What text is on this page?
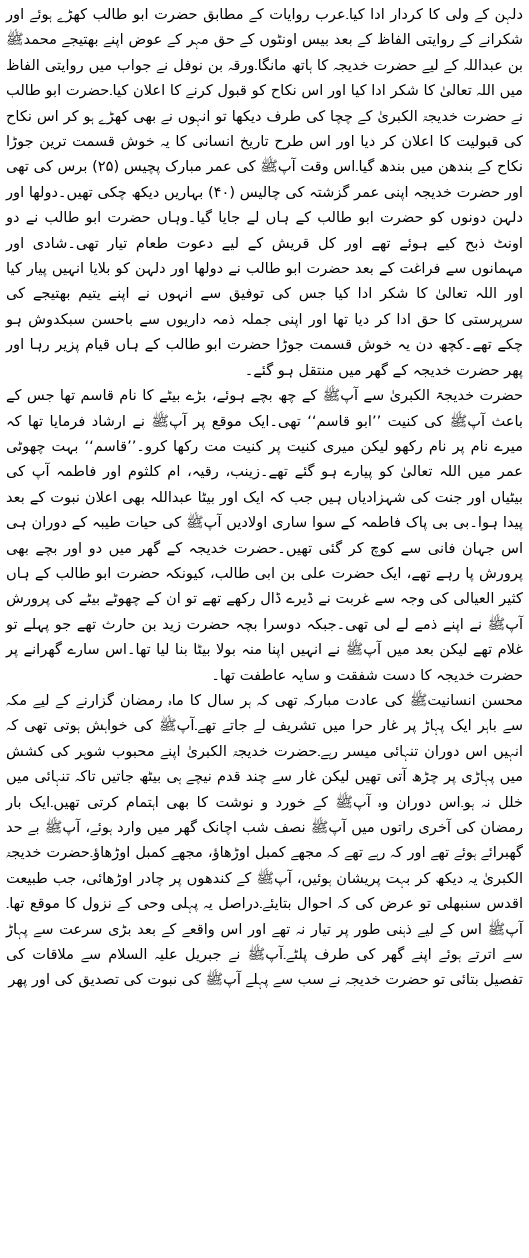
دلہن کے ولی کا کردار ادا کیا۔عرب روایات کے مطابق حضرت ابو طالب کھڑے ہوئے اور شکرانے کے روایتی الفاظ کے بعد بیس اونٹوں کے حق مہر کے عوض اپنے بھتیجے محمدﷺ بن عبداللہ کے لیے حضرت خدیجہ کا ہاتھ مانگا۔ورقہ بن نوفل نے جواب میں روایتی الفاظ میں اللہ تعالیٰ کا شکر ادا کیا اور اس نکاح کو قبول کرنے کا اعلان کیا۔حضرت ابو طالب نے حضرت خدیجۃ الکبریٰ کے چچا کی طرف دیکھا تو انہوں نے بھی کھڑے ہو کر اس نکاح کی قبولیت کا اعلان کر دیا اور اس طرح تاریخ انسانی کا یہ خوش قسمت ترین جوڑا نکاح کے بندھن میں بندھ گیا۔اس وقت آپﷺ کی عمر مبارک پچیس (۲۵) برس کی تھی اور حضرت خدیجہ اپنی عمر گزشتہ کی چالیس (۴۰) بہاریں دیکھ چکی تھیں۔دولھا اور دلہن دونوں کو حضرت ابو طالب کے ہاں لے جایا گیا۔وہاں حضرت ابو طالب نے دو اونٹ ذبح کیے ہوئے تھے اور کل قریش کے لیے دعوت طعام تیار تھی۔شادی اور مہمانوں سے فراغت کے بعد حضرت ابو طالب نے دولھا اور دلہن کو بلایا انہیں پیار کیا اور اللہ تعالیٰ کا شکر ادا کیا جس کی توفیق سے انہوں نے اپنے یتیم بھتیجے کی سرپرستی کا حق ادا کر دیا تھا اور اپنی جملہ ذمہ داریوں سے باحسن سبکدوش ہو چکے تھے۔کچھ دن یہ خوش قسمت جوڑا حضرت ابو طالب کے ہاں قیام پزیر رہا اور پھر حضرت خدیجہ کے گھر میں منتقل ہو گئے۔

حضرت خدیجۃ الکبریٰ سے آپﷺ کے چھ بچے ہوئے، بڑے بیٹے کا نام قاسم تھا جس کے باعث آپﷺ کی کنیت ’’ابو قاسم‘‘ تھی۔ایک موقع پر آپﷺ نے ارشاد فرمایا تھا کہ میرے نام پر نام رکھو لیکن میری کنیت پر کنیت مت رکھا کرو۔’’قاسم‘‘ بہت چھوٹی عمر میں اللہ تعالیٰ کو پیارے ہو گئے تھے۔زینب، رقیہ، ام کلثوم اور فاطمہ آپ کی بیٹیاں اور جنت کی شہزادیاں ہیں جب کہ ایک اور بیٹا عبداللہ بھی اعلان نبوت کے بعد پیدا ہوا۔بی بی پاک فاطمہ کے سوا ساری اولادیں آپﷺ کی حیات طیبہ کے دوران ہی اس جہان فانی سے کوچ کر گئی تھیں۔حضرت خدیجہ کے گھر میں دو اور بچے بھی پرورش پا رہے تھے، ایک حضرت علی بن ابی طالب، کیونکہ حضرت ابو طالب کے ہاں کثیر العیالی کی وجہ سے غربت نے ڈیرے ڈال رکھے تھے تو ان کے چھوٹے بیٹے کی پرورش آپﷺ نے اپنے ذمے لے لی تھی۔جبکہ دوسرا بچہ حضرت زید بن حارث تھے جو پہلے تو غلام تھے لیکن بعد میں آپﷺ نے انہیں اپنا منہ بولا بیٹا بنا لیا تھا۔اس سارے گھرانے پر حضرت خدیجہ کا دست شفقت و سایہ عاطفت تھا۔

محسن انسانیتﷺ کی عادت مبارکہ تھی کہ ہر سال کا ماہ رمضان گزارنے کے لیے مکہ سے باہر ایک پہاڑ پر غار حرا میں تشریف لے جاتے تھے۔آپﷺ کی خواہش ہوتی تھی کہ انہیں اس دوران تنہائی میسر رہے۔حضرت خدیجۃ الکبریٰ اپنے محبوب شوہر کی کشش میں پہاڑی پر چڑھ آتی تھیں لیکن غار سے چند قدم نیچے ہی بیٹھ جاتیں تاکہ تنہائی میں خلل نہ ہو۔اس دوران وہ آپﷺ کے خورد و نوشت کا بھی اہتمام کرتی تھیں۔ایک بار رمضان کی آخری راتوں میں آپﷺ نصف شب اچانک گھر میں وارد ہوئے، آپﷺ بے حد گھبرائے ہوئے تھے اور کہ رہے تھے کہ مجھے کمبل اوڑھاؤ، مجھے کمبل اوڑھاؤ۔حضرت خدیجۃ الکبریٰ یہ دیکھ کر بہت پریشان ہوئیں، آپﷺ کے کندھوں پر چادر اوڑھائی، جب طبیعت اقدس سنبھلی تو عرض کی کہ احوال بتایئے۔دراصل یہ پہلی وحی کے نزول کا موقع تھا۔آپﷺ اس کے لیے ذہنی طور پر تیار نہ تھے اور اس واقعے کے بعد بڑی سرعت سے پہاڑ سے اترتے ہوئے اپنے گھر کی طرف پلٹے۔آپﷺ نے جبریل علیہ السلام سے ملاقات کی تفصیل بتائی تو حضرت خدیجہ نے سب سے پہلے آپﷺ کی نبوت کی تصدیق کی اور پھر
